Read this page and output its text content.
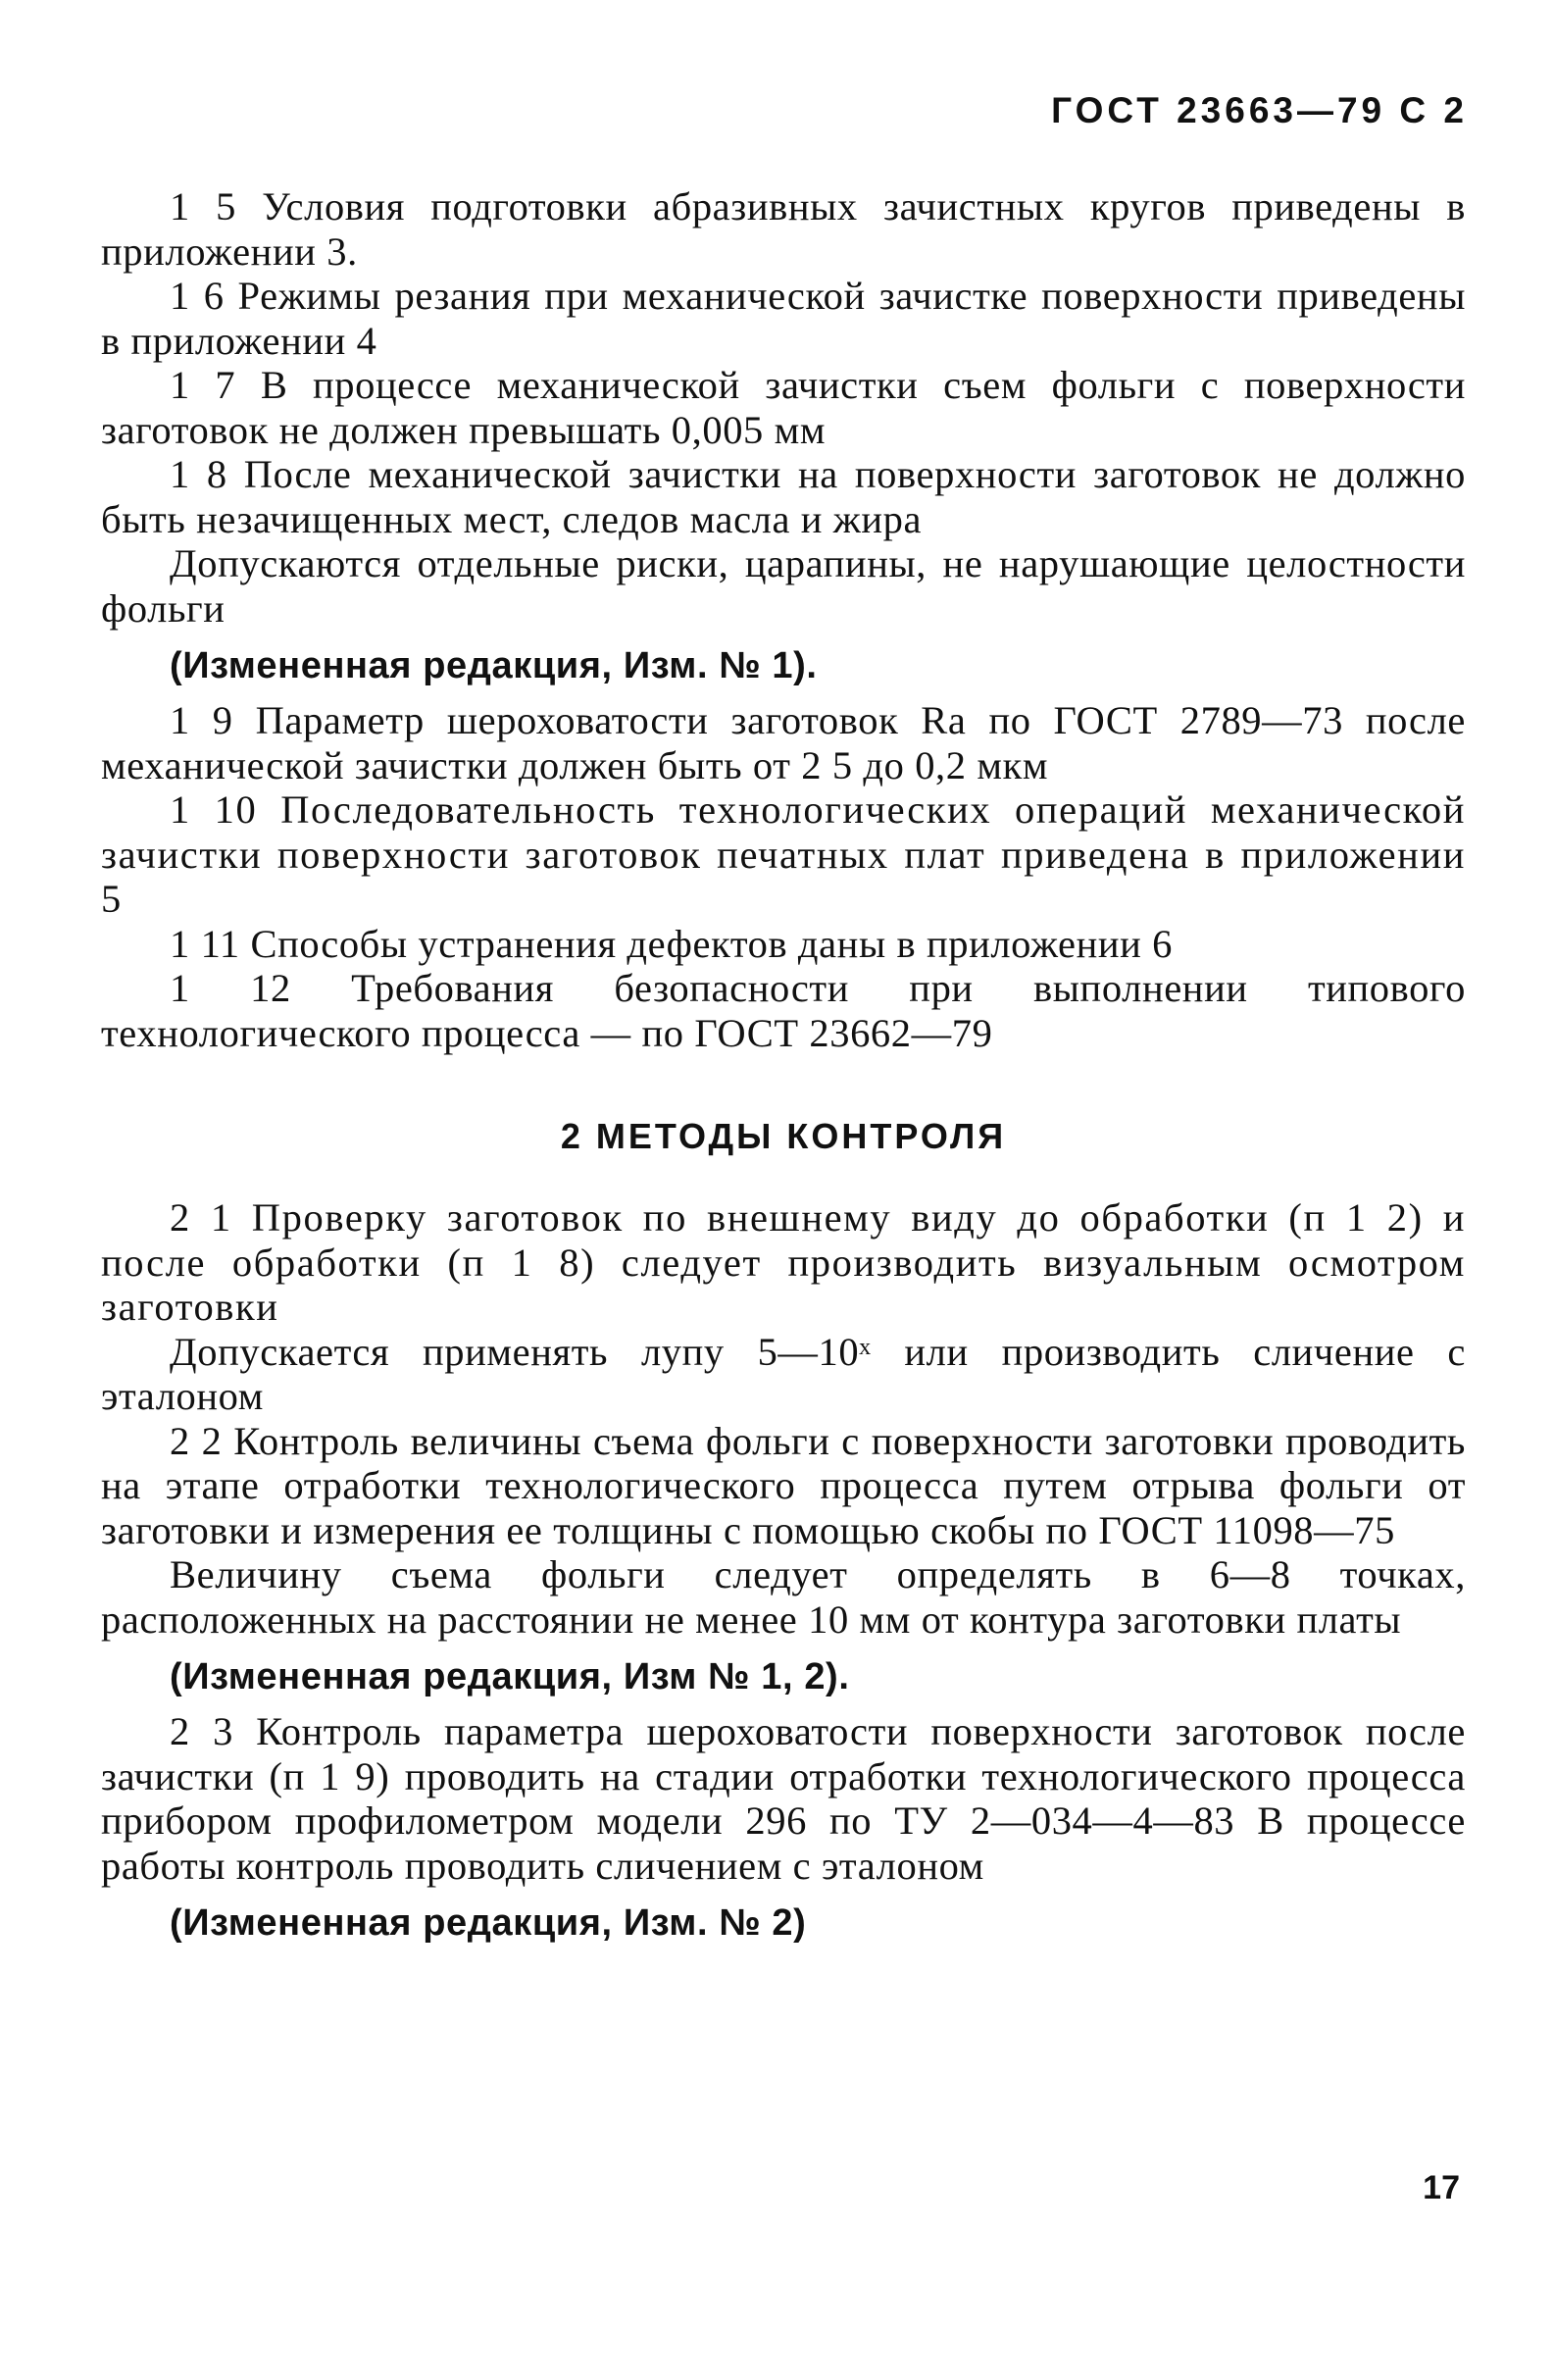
ГОСТ 23663—79 С 2

1 5 Условия подготовки абразивных зачистных кругов приведены в приложении 3.

1 6 Режимы резания при механической зачистке поверхности приведены в приложении 4

1 7 В процессе механической зачистки съем фольги с поверхности заготовок не должен превышать 0,005 мм

1 8 После механической зачистки на поверхности заготовок не должно быть незачищенных мест, следов масла и жира

Допускаются отдельные риски, царапины, не нарушающие целостности фольги

(Измененная редакция, Изм. № 1).

1 9 Параметр шероховатости заготовок Ra по ГОСТ 2789—73 после механической зачистки должен быть от 2 5 до 0,2 мкм

1 10 Последовательность технологических операций механической зачистки поверхности заготовок печатных плат приведена в приложении 5

1 11 Способы устранения дефектов даны в приложении 6

1 12 Требования безопасности при выполнении типового технологического процесса — по ГОСТ 23662—79

2 МЕТОДЫ КОНТРОЛЯ

2 1 Проверку заготовок по внешнему виду до обработки (п 1 2) и после обработки (п 1 8) следует производить визуальным осмотром заготовки

Допускается применять лупу 5—10ˣ или производить сличение с эталоном

2 2 Контроль величины съема фольги с поверхности заготовки проводить на этапе отработки технологического процесса путем отрыва фольги от заготовки и измерения ее толщины с помощью скобы по ГОСТ 11098—75

Величину съема фольги следует определять в 6—8 точках, расположенных на расстоянии не менее 10 мм от контура заготовки платы

(Измененная редакция, Изм № 1, 2).

2 3 Контроль параметра шероховатости поверхности заготовок после зачистки (п 1 9) проводить на стадии отработки технологического процесса прибором профилометром модели 296 по ТУ 2—034—4—83 В процессе работы контроль проводить сличением с эталоном

(Измененная редакция, Изм. № 2)

17
